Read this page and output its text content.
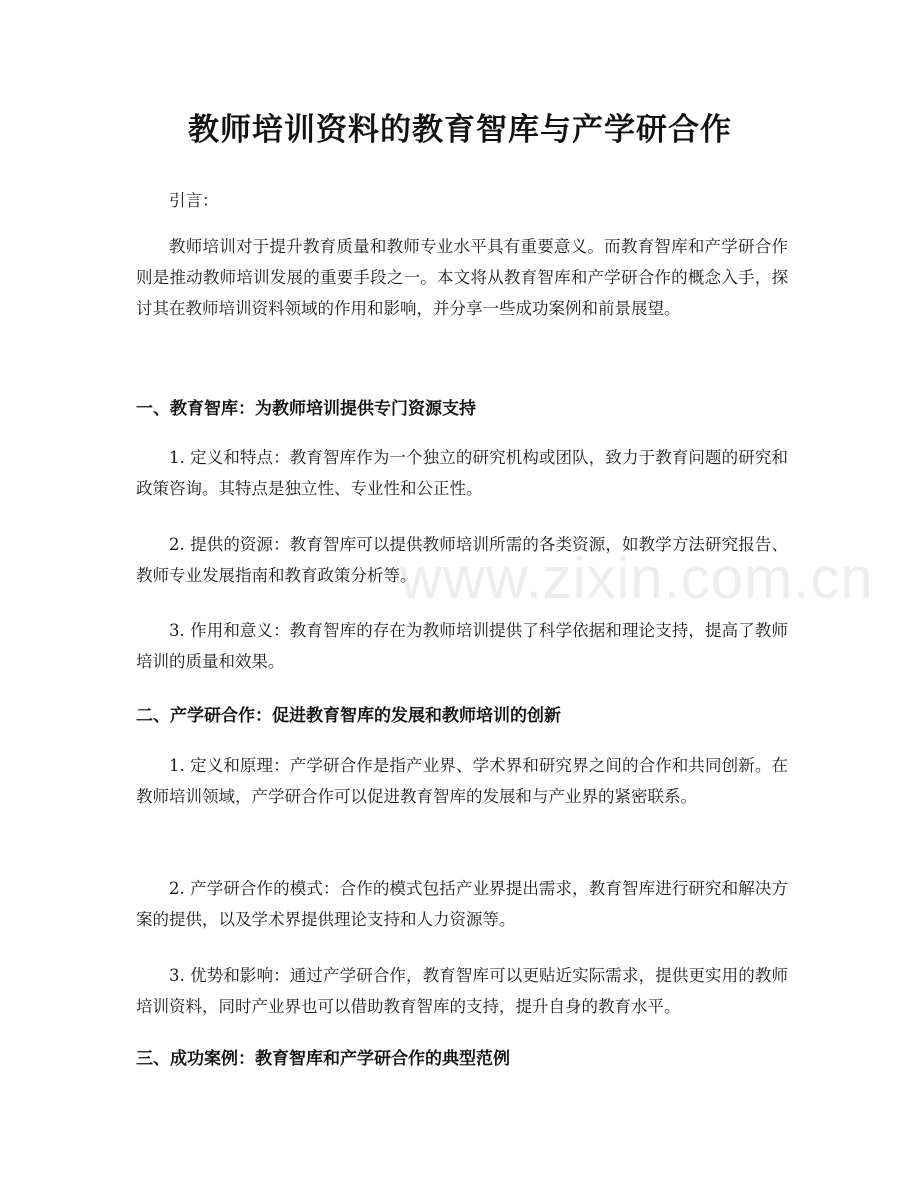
教师培训资料的教育智库与产学研合作

引言：

教师培训对于提升教育质量和教师专业水平具有重要意义。而教育智库和产学研合作则是推动教师培训发展的重要手段之一。本文将从教育智库和产学研合作的概念入手，探讨其在教师培训资料领域的作用和影响，并分享一些成功案例和前景展望。

一、教育智库：为教师培训提供专门资源支持

1. 定义和特点：教育智库作为一个独立的研究机构或团队，致力于教育问题的研究和政策咨询。其特点是独立性、专业性和公正性。

2. 提供的资源：教育智库可以提供教师培训所需的各类资源，如教学方法研究报告、教师专业发展指南和教育政策分析等。

3. 作用和意义：教育智库的存在为教师培训提供了科学依据和理论支持，提高了教师培训的质量和效果。

二、产学研合作：促进教育智库的发展和教师培训的创新

1. 定义和原理：产学研合作是指产业界、学术界和研究界之间的合作和共同创新。在教师培训领域，产学研合作可以促进教育智库的发展和与产业界的紧密联系。

2. 产学研合作的模式：合作的模式包括产业界提出需求，教育智库进行研究和解决方案的提供，以及学术界提供理论支持和人力资源等。

3. 优势和影响：通过产学研合作，教育智库可以更贴近实际需求，提供更实用的教师培训资料，同时产业界也可以借助教育智库的支持，提升自身的教育水平。

三、成功案例：教育智库和产学研合作的典型范例
www.zixin.com.cn
